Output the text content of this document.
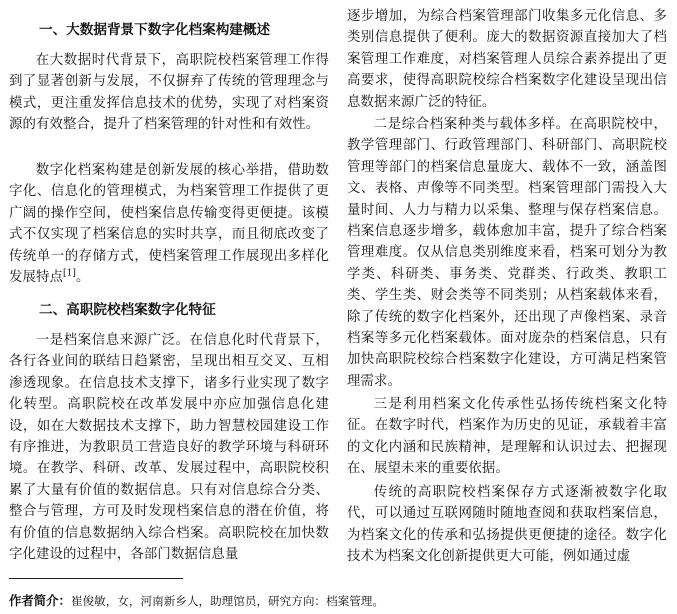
一、大数据背景下数字化档案构建概述

在大数据时代背景下，高职院校档案管理工作得到了显著创新与发展，不仅摒弃了传统的管理理念与模式，更注重发挥信息技术的优势，实现了对档案资源的有效整合，提升了档案管理的针对性和有效性。

数字化档案构建是创新发展的核心举措，借助数字化、信息化的管理模式，为档案管理工作提供了更广阔的操作空间，使档案信息传输变得更便捷。该模式不仅实现了档案信息的实时共享，而且彻底改变了传统单一的存储方式，使档案管理工作展现出多样化发展特点[1]。

二、高职院校档案数字化特征

一是档案信息来源广泛。在信息化时代背景下，各行各业间的联结日趋紧密，呈现出相互交叉、互相渗透现象。在信息技术支撑下，诸多行业实现了数字化转型。高职院校在改革发展中亦应加强信息化建设，如在大数据技术支撑下，助力智慧校园建设工作有序推进，为教职员工营造良好的教学环境与科研环境。在教学、科研、改革、发展过程中，高职院校积累了大量有价值的数据信息。只有对信息综合分类、整合与管理，方可及时发现档案信息的潜在价值，将有价值的信息数据纳入综合档案。高职院校在加快数字化建设的过程中，各部门数据信息量

逐步增加，为综合档案管理部门收集多元化信息、多类别信息提供了便利。庞大的数据资源直接加大了档案管理工作难度，对档案管理人员综合素养提出了更高要求，使得高职院校综合档案数字化建设呈现出信息数据来源广泛的特征。

二是综合档案种类与载体多样。在高职院校中，教学管理部门、行政管理部门、科研部门、高职院校管理等部门的档案信息量庞大、载体不一致，涵盖图文、表格、声像等不同类型。档案管理部门需投入大量时间、人力与精力以采集、整理与保存档案信息。档案信息逐步增多，载体愈加丰富，提升了综合档案管理难度。仅从信息类别维度来看，档案可划分为教学类、科研类、事务类、党群类、行政类、教职工类、学生类、财会类等不同类别；从档案载体来看，除了传统的数字化档案外，还出现了声像档案、录音档案等多元化档案载体。面对庞杂的档案信息，只有加快高职院校综合档案数字化建设，方可满足档案管理需求。

三是利用档案文化传承性弘扬传统档案文化特征。在数字时代，档案作为历史的见证，承载着丰富的文化内涵和民族精神，是理解和认识过去、把握现在、展望未来的重要依据。

传统的高职院校档案保存方式逐渐被数字化取代，可以通过互联网随时随地查阅和获取档案信息，为档案文化的传承和弘扬提供更便捷的途径。数字化技术为档案文化创新提供更大可能，例如通过虚

作者简介：崔俊敏，女，河南新乡人，助理馆员，研究方向：档案管理。
